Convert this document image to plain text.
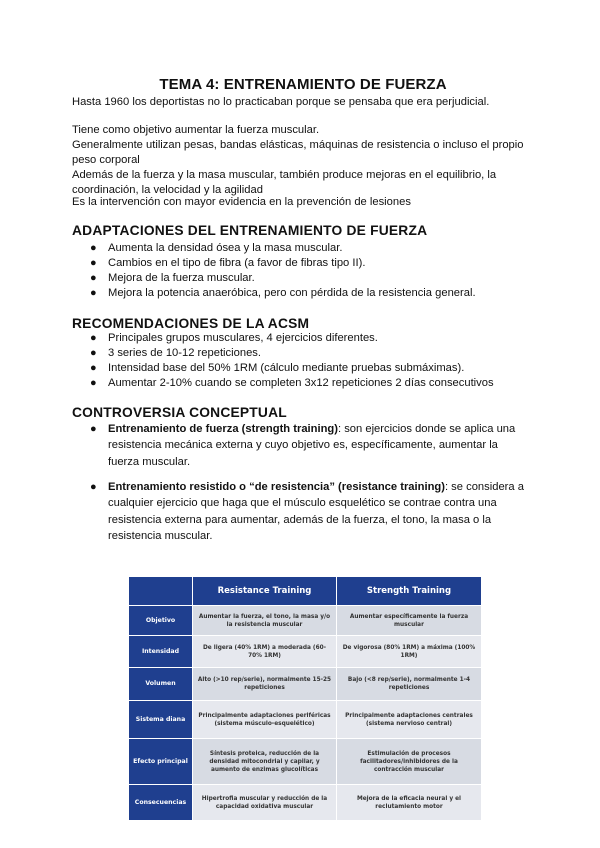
TEMA 4: ENTRENAMIENTO DE FUERZA
Hasta 1960 los deportistas no lo practicaban porque se pensaba que era perjudicial.
Tiene como objetivo aumentar la fuerza muscular.
Generalmente utilizan pesas, bandas elásticas, máquinas de resistencia o incluso el propio peso corporal
Además de la fuerza y la masa muscular, también produce mejoras en el equilibrio, la coordinación, la velocidad y la agilidad
Es la intervención con mayor evidencia en la prevención de lesiones
ADAPTACIONES DEL ENTRENAMIENTO DE FUERZA
● Aumenta la densidad ósea y la masa muscular.
● Cambios en el tipo de fibra (a favor de fibras tipo II).
● Mejora de la fuerza muscular.
● Mejora la potencia anaeróbica, pero con pérdida de la resistencia general.
RECOMENDACIONES DE LA ACSM
● Principales grupos musculares, 4 ejercicios diferentes.
● 3 series de 10-12 repeticiones.
● Intensidad base del 50% 1RM (cálculo mediante pruebas submáximas).
● Aumentar 2-10% cuando se completen 3x12 repeticiones 2 días consecutivos
CONTROVERSIA CONCEPTUAL
● Entrenamiento de fuerza (strength training): son ejercicios donde se aplica una resistencia mecánica externa y cuyo objetivo es, específicamente, aumentar la fuerza muscular.
● Entrenamiento resistido o “de resistencia” (resistance training): se considera a cualquier ejercicio que haga que el músculo esquelético se contrae contra una resistencia externa para aumentar, además de la fuerza, el tono, la masa o la resistencia muscular.
	Resistance Training	Strength Training
Objetivo	Aumentar la fuerza, el tono, la masa y/o la resistencia muscular	Aumentar específicamente la fuerza muscular
Intensidad	De ligera (40% 1RM) a moderada (60-70% 1RM)	De vigorosa (80% 1RM) a máxima (100% 1RM)
Volumen	Alto (>10 rep/serie), normalmente 15-25 repeticiones	Bajo (<8 rep/serie), normalmente 1-4 repeticiones
Sistema diana	Principalmente adaptaciones periféricas (sistema músculo-esquelético)	Principalmente adaptaciones centrales (sistema nervioso central)
Efecto principal	Síntesis proteica, reducción de la densidad mitocondrial y capilar, y aumento de enzimas glucolíticas	Estimulación de procesos facilitadores/inhibidores de la contracción muscular
Consecuencias	Hipertrofia muscular y reducción de la capacidad oxidativa muscular	Mejora de la eficacia neural y el reclutamiento motor
